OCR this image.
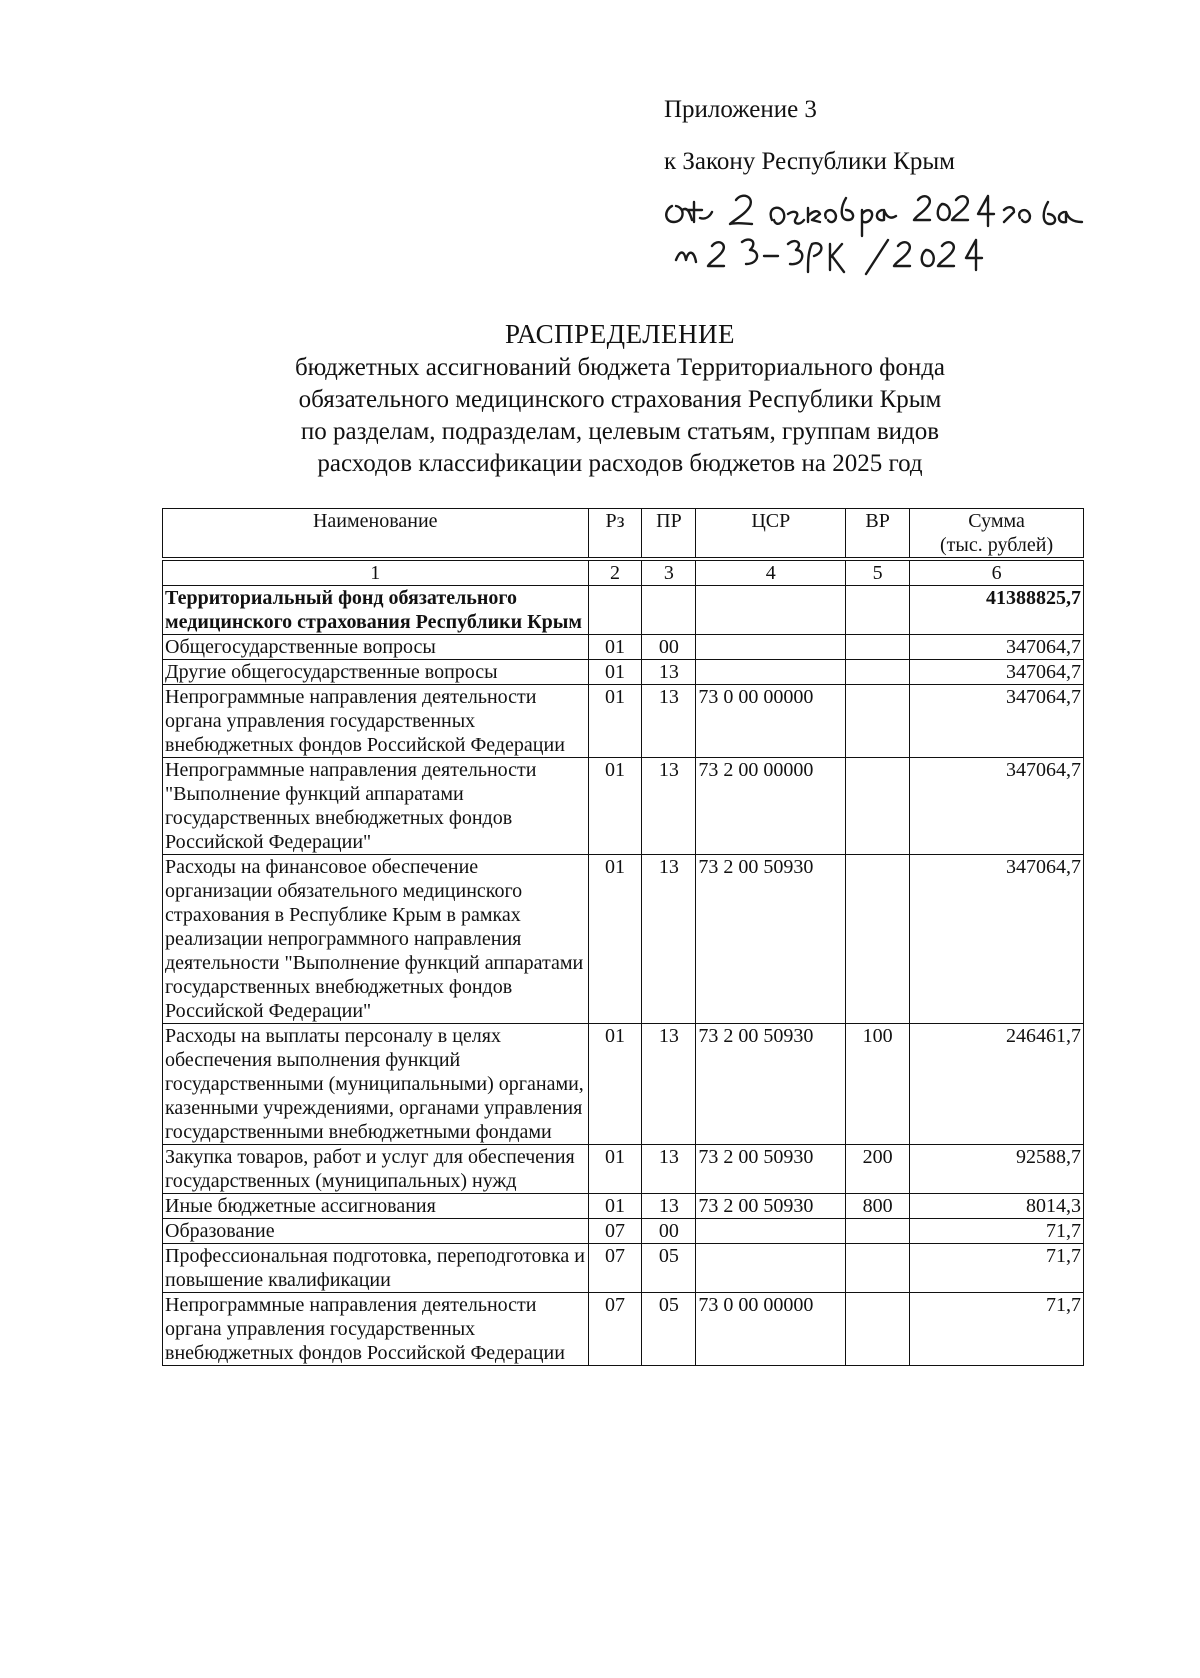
Приложение 3
к Закону Республики Крым
РАСПРЕДЕЛЕНИЕ
бюджетных ассигнований бюджета Территориального фонда
обязательного медицинского страхования Республики Крым
по разделам, подразделам, целевым статьям, группам видов
расходов классификации расходов бюджетов на 2025 год
Наименование	Рз	ПР	ЦСР	ВР	Сумма
(тыс. рублей)

1	2	3	4	5	6
Территориальный фонд обязательного медицинского страхования Республики Крым					41388825,7
Общегосударственные вопросы	01	00			347064,7
Другие общегосударственные вопросы	01	13			347064,7
Непрограммные направления деятельности органа управления государственных внебюджетных фондов Российской Федерации	01	13	73 0 00 00000		347064,7
Непрограммные направления деятельности "Выполнение функций аппаратами государственных внебюджетных фондов Российской Федерации"	01	13	73 2 00 00000		347064,7
Расходы на финансовое обеспечение организации обязательного медицинского страхования в Республике Крым в рамках реализации непрограммного направления деятельности "Выполнение функций аппаратами государственных внебюджетных фондов Российской Федерации"	01	13	73 2 00 50930		347064,7
Расходы на выплаты персоналу в целях обеспечения выполнения функций государственными (муниципальными) органами, казенными учреждениями, органами управления государственными внебюджетными фондами	01	13	73 2 00 50930	100	246461,7
Закупка товаров, работ и услуг для обеспечения государственных (муниципальных) нужд	01	13	73 2 00 50930	200	92588,7
Иные бюджетные ассигнования	01	13	73 2 00 50930	800	8014,3
Образование	07	00			71,7
Профессиональная подготовка, переподготовка и повышение квалификации	07	05			71,7
Непрограммные направления деятельности органа управления государственных внебюджетных фондов Российской Федерации	07	05	73 0 00 00000		71,7
